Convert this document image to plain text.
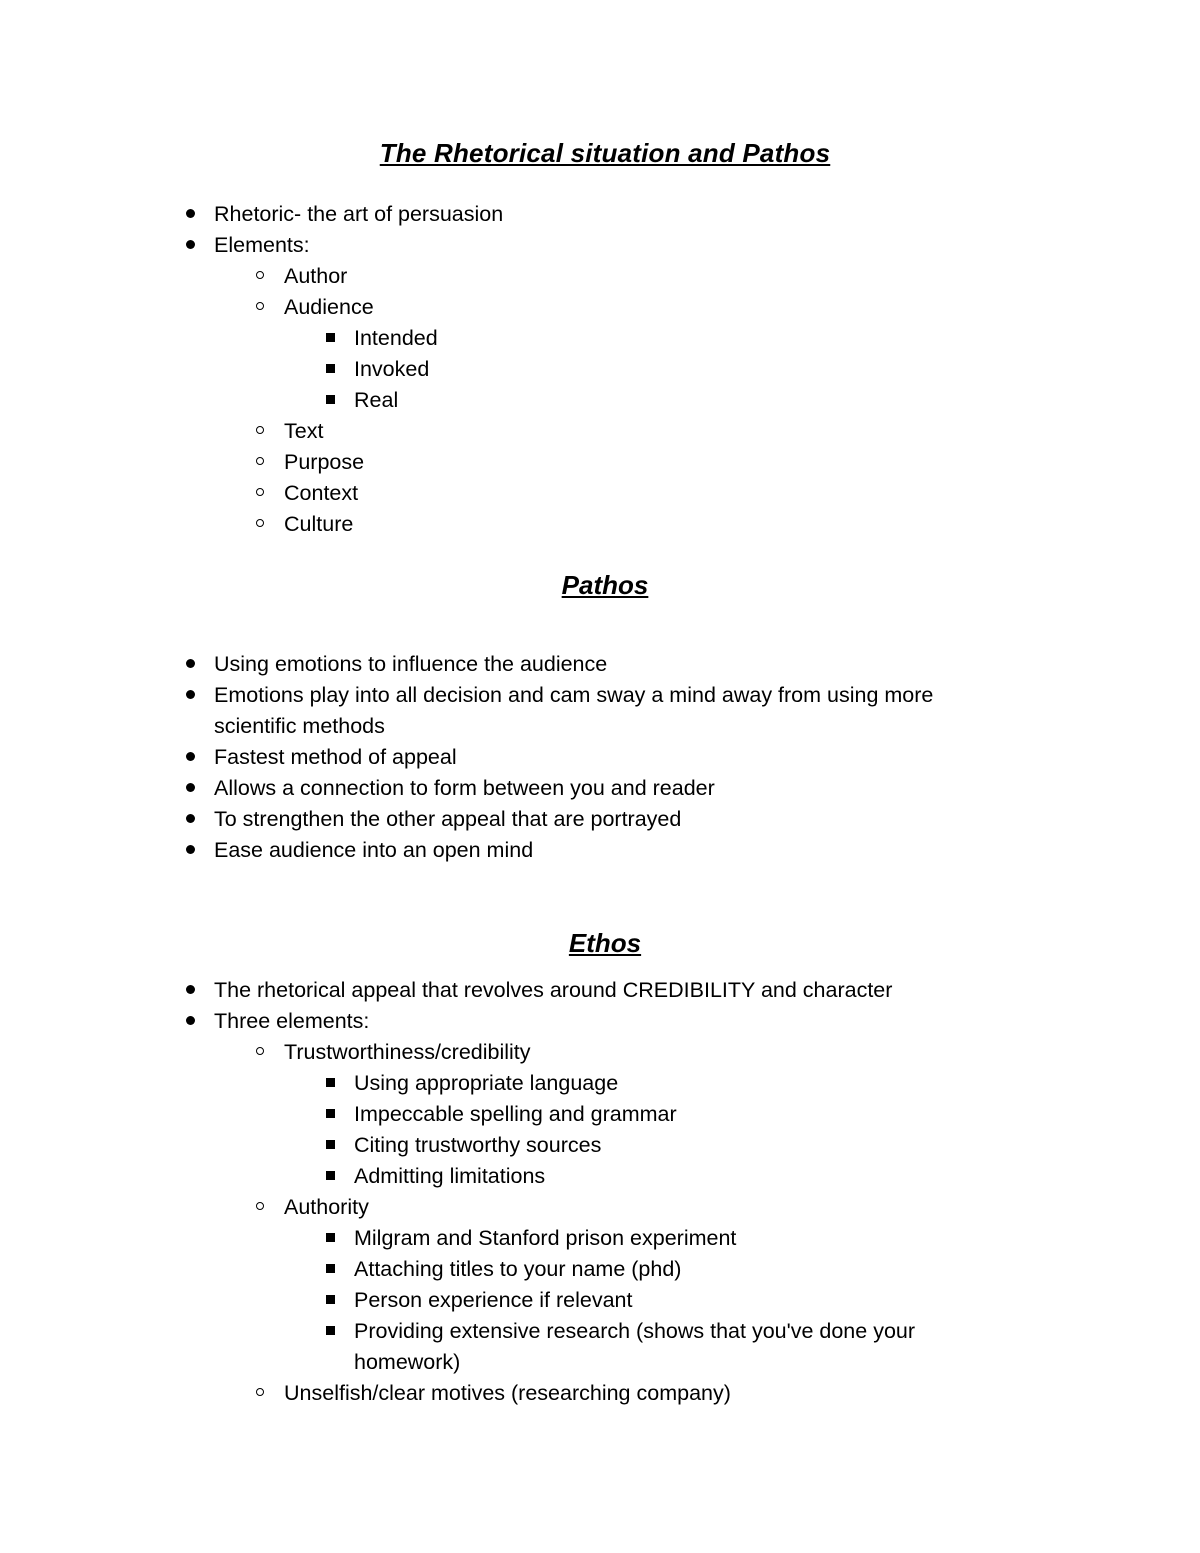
The Rhetorical situation and Pathos
Rhetoric- the art of persuasion
Elements:
Author
Audience
Intended
Invoked
Real
Text
Purpose
Context
Culture
Pathos
Using emotions to influence the audience
Emotions play into all decision and cam sway a mind away from using more scientific methods
Fastest method of appeal
Allows a connection to form between you and reader
To strengthen the other appeal that are portrayed
Ease audience into an open mind
Ethos
The rhetorical appeal that revolves around CREDIBILITY and character
Three elements:
Trustworthiness/credibility
Using appropriate language
Impeccable spelling and grammar
Citing trustworthy sources
Admitting limitations
Authority
Milgram and Stanford prison experiment
Attaching titles to your name (phd)
Person experience if relevant
Providing extensive research (shows that you've done your homework)
Unselfish/clear motives (researching company)
